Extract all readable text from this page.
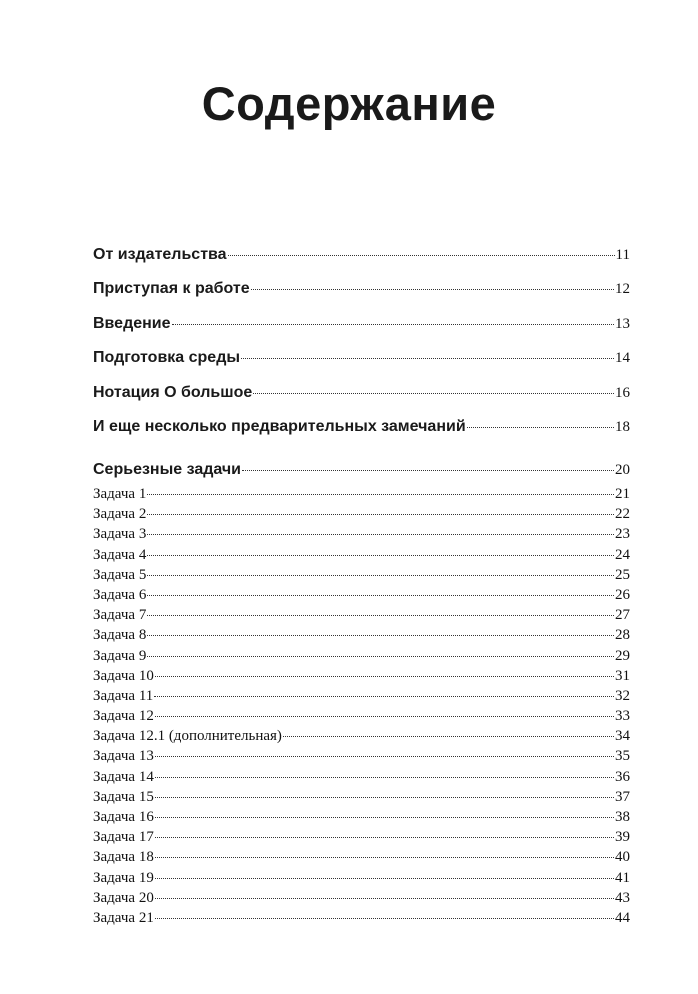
Содержание
От издательства	11
Приступая к работе	12
Введение	13
Подготовка среды	14
Нотация O большое	16
И еще несколько предварительных замечаний	18
Серьезные задачи	20
Задача 1	21
Задача 2	22
Задача 3	23
Задача 4	24
Задача 5	25
Задача 6	26
Задача 7	27
Задача 8	28
Задача 9	29
Задача 10	31
Задача 11	32
Задача 12	33
Задача 12.1 (дополнительная)	34
Задача 13	35
Задача 14	36
Задача 15	37
Задача 16	38
Задача 17	39
Задача 18	40
Задача 19	41
Задача 20	43
Задача 21	44
